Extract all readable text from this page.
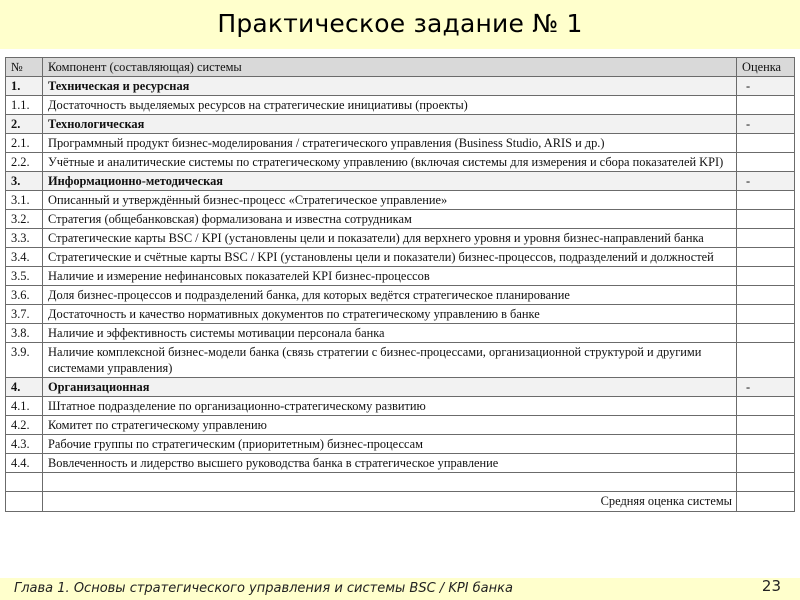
Практическое задание № 1
№	Компонент (составляющая) системы	Оценка
1.	Техническая и ресурсная	-
1.1.	Достаточность выделяемых ресурсов на стратегические инициативы (проекты)	
2.	Технологическая	-
2.1.	Программный продукт бизнес-моделирования / стратегического управления (Business Studio, ARIS и др.)	
2.2.	Учётные и аналитические системы по стратегическому управлению (включая системы для измерения и сбора показателей KPI)	
3.	Информационно-методическая	-
3.1.	Описанный и утверждённый бизнес-процесс «Стратегическое управление»	
3.2.	Стратегия (общебанковская) формализована и известна сотрудникам	
3.3.	Стратегические карты BSC / KPI (установлены цели и показатели) для верхнего уровня и уровня бизнес-направлений банка	
3.4.	Стратегические и счётные карты BSC / KPI (установлены цели и показатели) бизнес-процессов, подразделений и должностей	
3.5.	Наличие и измерение нефинансовых показателей KPI бизнес-процессов	
3.6.	Доля бизнес-процессов и подразделений банка, для которых ведётся стратегическое планирование	
3.7.	Достаточность и качество нормативных документов по стратегическому управлению в банке	
3.8.	Наличие и эффективность системы мотивации персонала банка	
3.9.	Наличие комплексной бизнес-модели банка (связь стратегии с бизнес-процессами, организационной структурой и другими системами управления)	
4.	Организационная	-
4.1.	Штатное подразделение по организационно-стратегическому развитию	
4.2.	Комитет по стратегическому управлению	
4.3.	Рабочие группы по стратегическим (приоритетным) бизнес-процессам	
4.4.	Вовлеченность и лидерство высшего руководства банка в стратегическое управление	

	Средняя оценка системы	
Глава 1. Основы стратегического управления и системы BSC / KPI банка	23
